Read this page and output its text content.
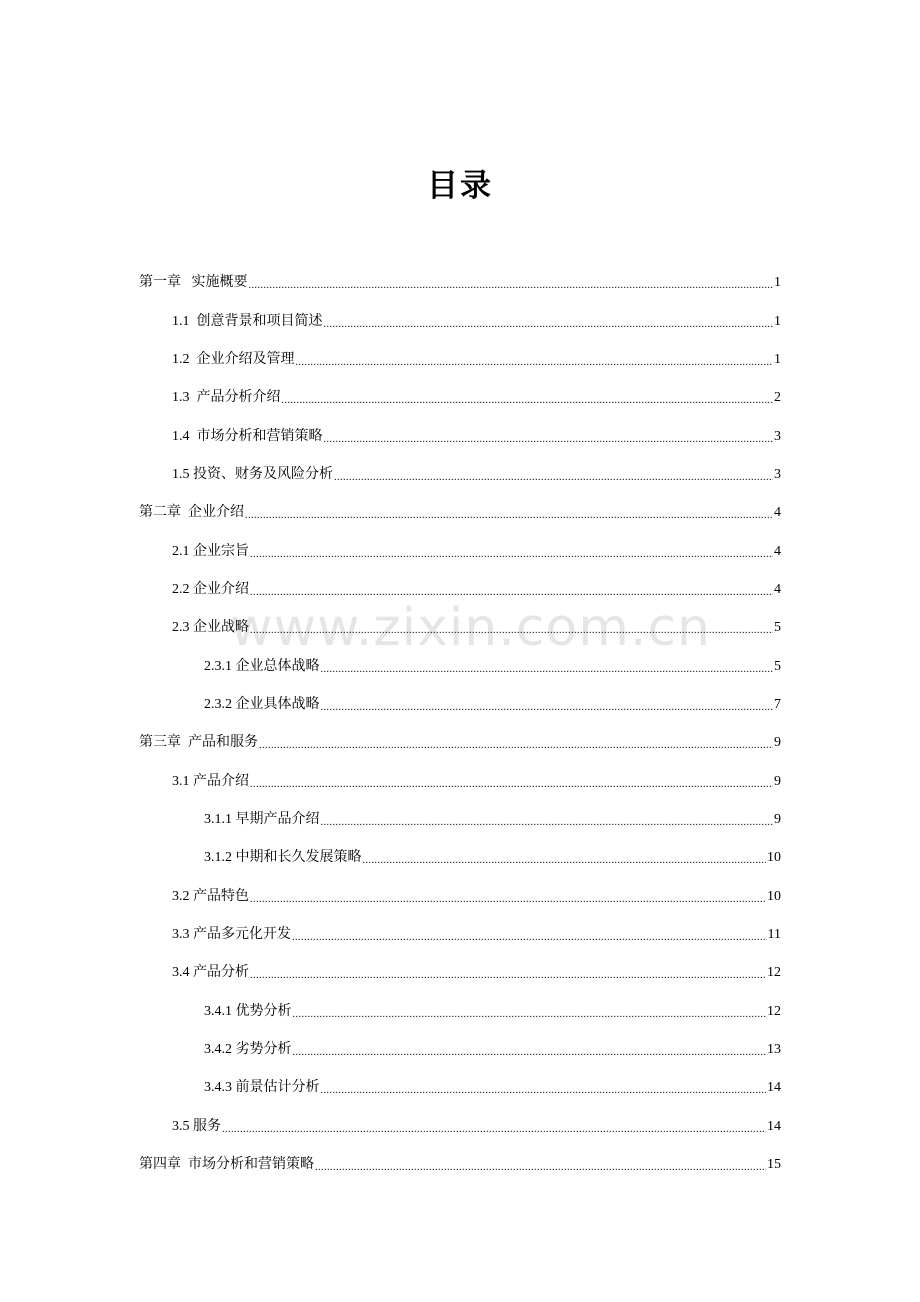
目录
www.zixin.com.cn
第一章   实施概要 .....	1
1.1  创意背景和项目简述 .....	1
1.2  企业介绍及管理 .....	1
1.3  产品分析介绍 .....	2
1.4  市场分析和营销策略 .....	3
1.5 投资、财务及风险分析 .....	3
第二章  企业介绍 .....	4
2.1 企业宗旨 .....	4
2.2 企业介绍 .....	4
2.3 企业战略 .....	5
2.3.1 企业总体战略 .....	5
2.3.2 企业具体战略 .....	7
第三章  产品和服务 .....	9
3.1 产品介绍 .....	9
3.1.1 早期产品介绍 .....	9
3.1.2 中期和长久发展策略 .....	10
3.2 产品特色 .....	10
3.3 产品多元化开发 .....	11
3.4 产品分析 .....	12
3.4.1 优势分析 .....	12
3.4.2 劣势分析 .....	13
3.4.3 前景估计分析 .....	14
3.5 服务 .....	14
第四章  市场分析和营销策略 .....	15
